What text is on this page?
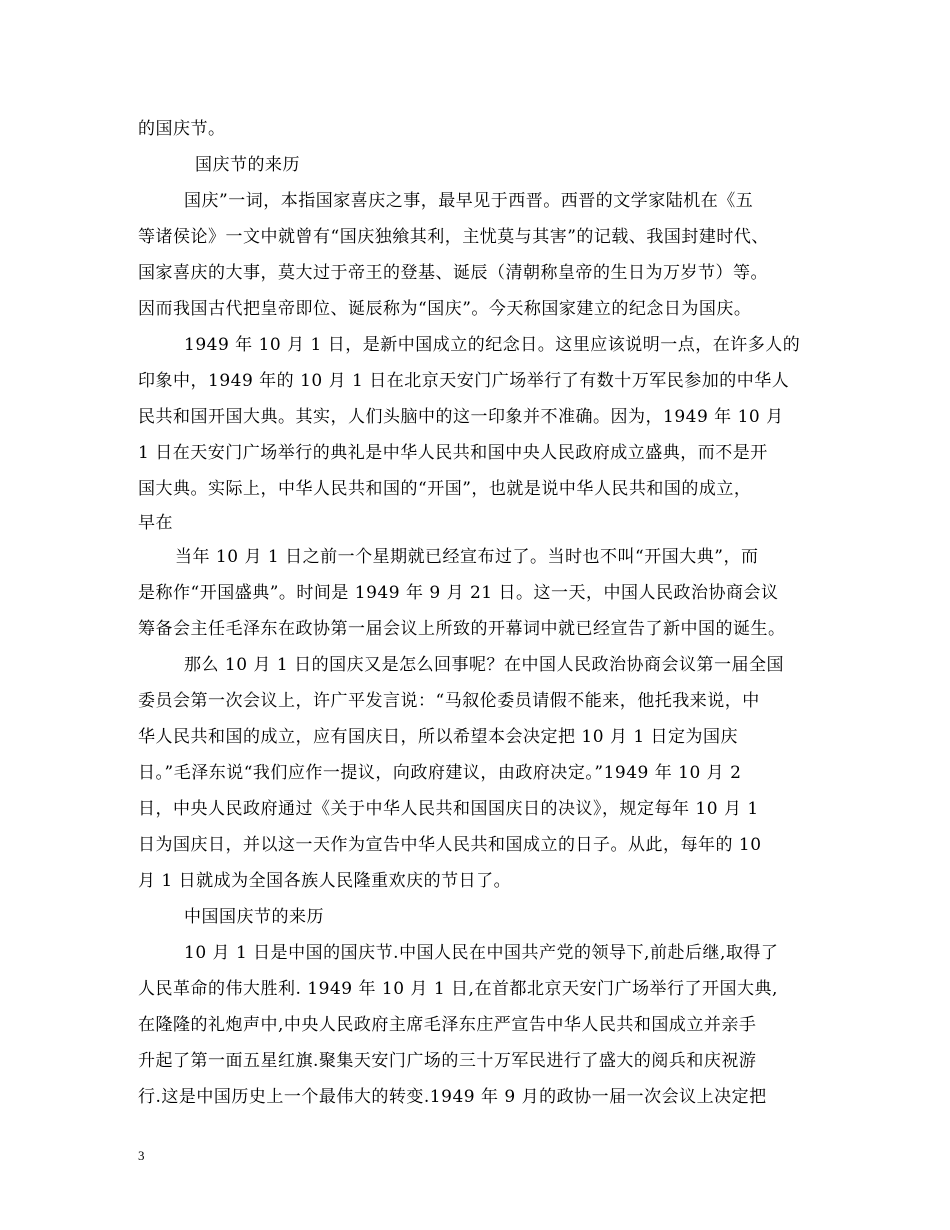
的国庆节。
国庆节的来历
国庆”一词，本指国家喜庆之事，最早见于西晋。西晋的文学家陆机在《五
等诸侯论》一文中就曾有“国庆独飨其利，主忧莫与其害”的记载、我国封建时代、
国家喜庆的大事，莫大过于帝王的登基、诞辰（清朝称皇帝的生日为万岁节）等。
因而我国古代把皇帝即位、诞辰称为“国庆”。今天称国家建立的纪念日为国庆。
1949 年 10 月 1 日，是新中国成立的纪念日。这里应该说明一点，在许多人的
印象中，1949 年的 10 月 1 日在北京天安门广场举行了有数十万军民参加的中华人
民共和国开国大典。其实，人们头脑中的这一印象并不准确。因为，1949 年 10 月
1 日在天安门广场举行的典礼是中华人民共和国中央人民政府成立盛典，而不是开
国大典。实际上，中华人民共和国的“开国”，也就是说中华人民共和国的成立，
早在
当年 10 月 1 日之前一个星期就已经宣布过了。当时也不叫“开国大典”，而
是称作“开国盛典”。时间是 1949 年 9 月 21 日。这一天，中国人民政治协商会议
筹备会主任毛泽东在政协第一届会议上所致的开幕词中就已经宣告了新中国的诞生。
那么 10 月 1 日的国庆又是怎么回事呢？在中国人民政治协商会议第一届全国
委员会第一次会议上，许广平发言说：“马叙伦委员请假不能来，他托我来说，中
华人民共和国的成立，应有国庆日，所以希望本会决定把 10 月 1 日定为国庆
日。”毛泽东说“我们应作一提议，向政府建议，由政府决定。”1949 年 10 月 2
日，中央人民政府通过《关于中华人民共和国国庆日的决议》，规定每年 10 月 1
日为国庆日，并以这一天作为宣告中华人民共和国成立的日子。从此，每年的 10
月 1 日就成为全国各族人民隆重欢庆的节日了。
中国国庆节的来历
10 月 1 日是中国的国庆节.中国人民在中国共产党的领导下,前赴后继,取得了
人民革命的伟大胜利. 1949 年 10 月 1 日,在首都北京天安门广场举行了开国大典,
在隆隆的礼炮声中,中央人民政府主席毛泽东庄严宣告中华人民共和国成立并亲手
升起了第一面五星红旗.聚集天安门广场的三十万军民进行了盛大的阅兵和庆祝游
行.这是中国历史上一个最伟大的转变.1949 年 9 月的政协一届一次会议上决定把
3
